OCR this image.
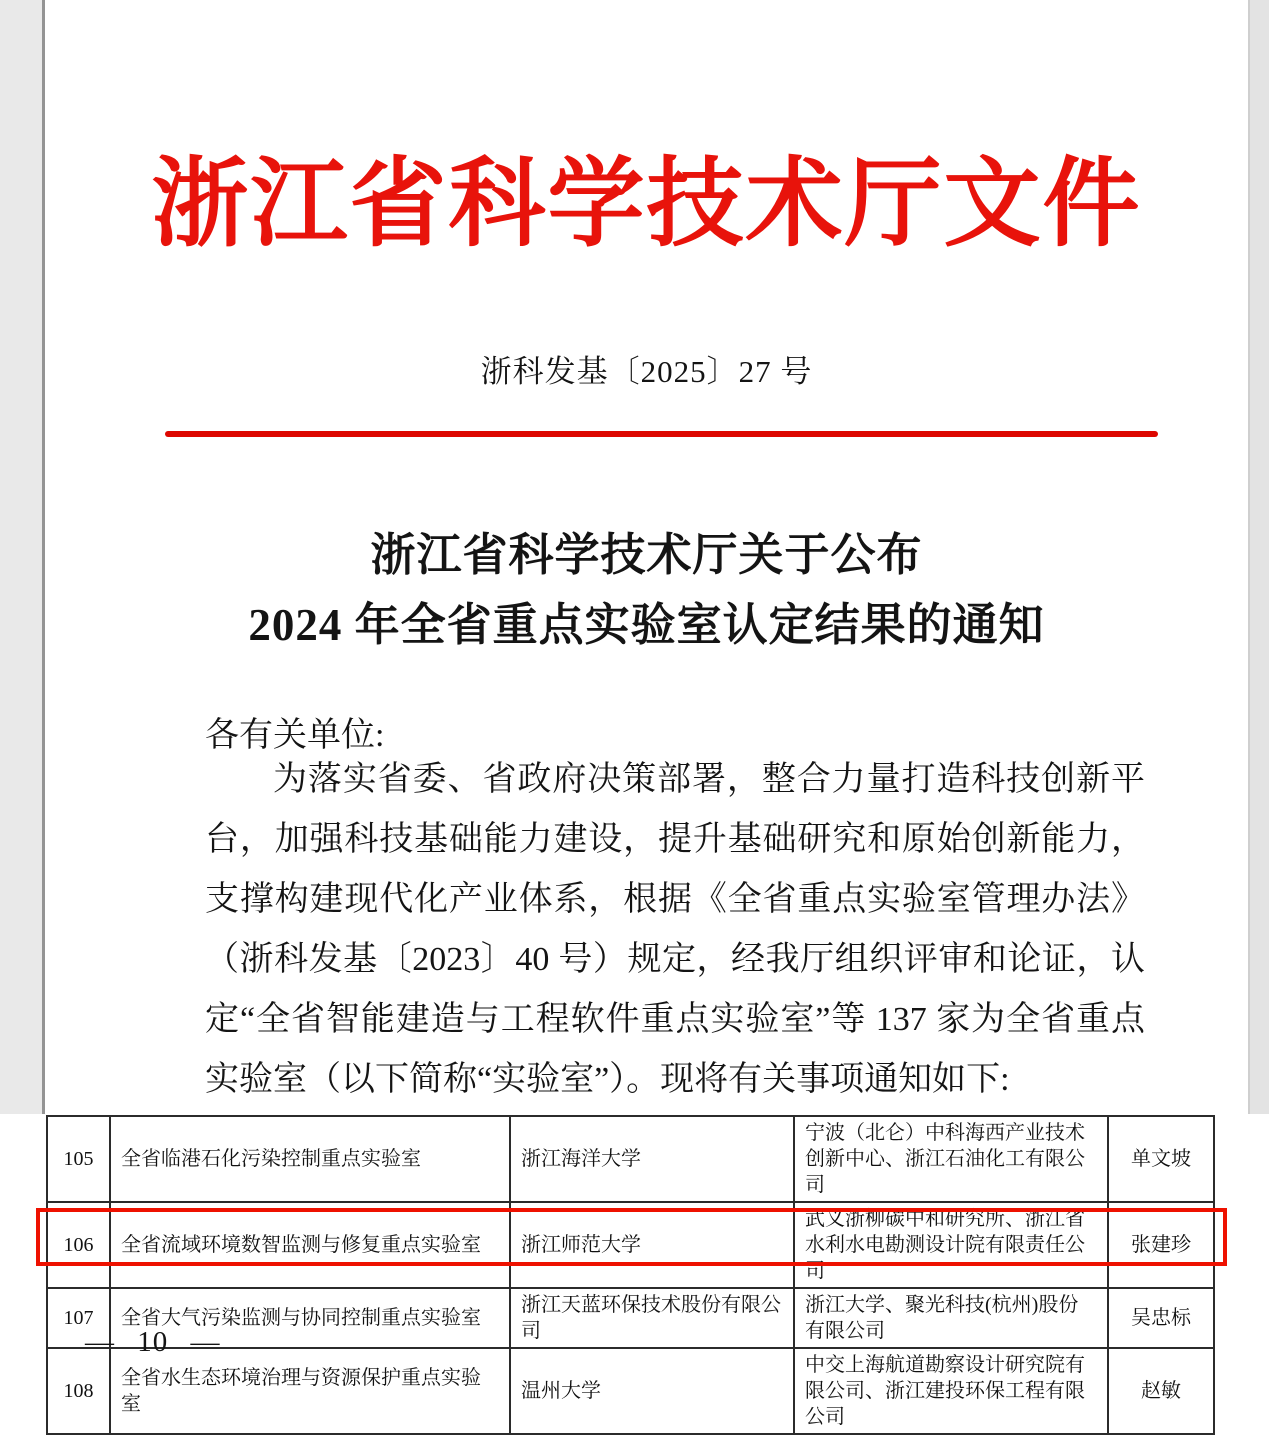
浙江省科学技术厅文件
浙科发基〔2025〕27 号
浙江省科学技术厅关于公布
2024 年全省重点实验室认定结果的通知
各有关单位:

为落实省委、省政府决策部署，整合力量打造科技创新平台，加强科技基础能力建设，提升基础研究和原始创新能力，支撑构建现代化产业体系，根据《全省重点实验室管理办法》（浙科发基〔2023〕40 号）规定，经我厅组织评审和论证，认定“全省智能建造与工程软件重点实验室”等 137 家为全省重点实验室（以下简称“实验室”）。现将有关事项通知如下:

105	全省临港石化污染控制重点实验室	浙江海洋大学	宁波（北仑）中科海西产业技术创新中心、浙江石油化工有限公司	单文坡
106	全省流域环境数智监测与修复重点实验室	浙江师范大学	武义浙柳碳中和研究所、浙江省水利水电勘测设计院有限责任公司	张建珍
107	全省大气污染监测与协同控制重点实验室	浙江天蓝环保技术股份有限公司	浙江大学、聚光科技(杭州)股份有限公司	吴忠标
108	全省水生态环境治理与资源保护重点实验室	温州大学	中交上海航道勘察设计研究院有限公司、浙江建投环保工程有限公司	赵敏
— 10 —
